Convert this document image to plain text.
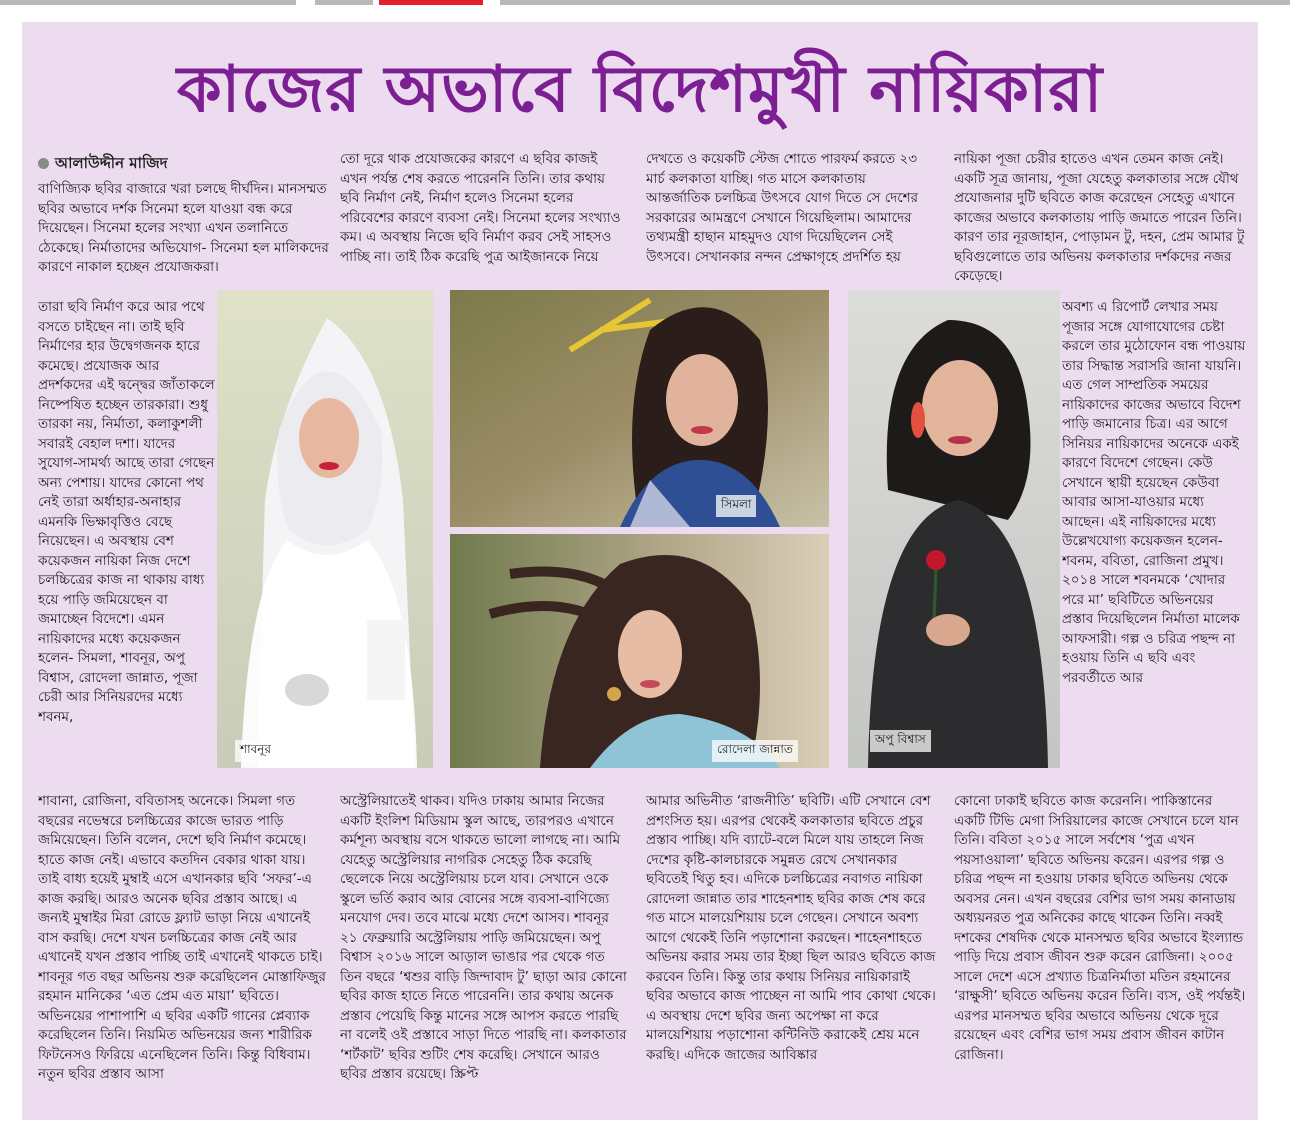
কাজের অভাবে বিদেশমুখী নায়িকারা
আলাউদ্দীন মাজিদ

বাণিজ্যিক ছবির বাজারে খরা চলছে দীর্ঘদিন। মানসম্মত ছবির অভাবে দর্শক সিনেমা হলে যাওয়া বন্ধ করে দিয়েছেন। সিনেমা হলের সংখ্যা এখন তলানিতে ঠেকেছে। নির্মাতাদের অভিযোগ- সিনেমা হল মালিকদের কারণে নাকাল হচ্ছেন প্রযোজকরা।

তারা ছবি নির্মাণ করে আর পথে বসতে চাইছেন না। তাই ছবি নির্মাণের হার উদ্বেগজনক হারে কমেছে। প্রযোজক আর প্রদর্শকদের এই দ্বন্দ্বের জাঁতাকলে নিষ্পেষিত হচ্ছেন তারকারা। শুধু তারকা নয়, নির্মাতা, কলাকুশলী সবারই বেহাল দশা। যাদের সুযোগ-সামর্থ্য আছে তারা গেছেন অন্য পেশায়। যাদের কোনো পথ নেই তারা অর্ধাহার-অনাহার এমনকি ভিক্ষাবৃত্তিও বেছে নিয়েছেন। এ অবস্থায় বেশ কয়েকজন নায়িকা নিজ দেশে চলচ্চিত্রের কাজ না থাকায় বাধ্য হয়ে পাড়ি জমিয়েছেন বা জমাচ্ছেন বিদেশে। এমন নায়িকাদের মধ্যে কয়েকজন হলেন- সিমলা, শাবনূর, অপু বিশ্বাস, রোদেলা জান্নাত, পূজা চেরী আর সিনিয়রদের মধ্যে শবনম,

শাবানা, রোজিনা, ববিতাসহ অনেকে। সিমলা গত বছরের নভেম্বরে চলচ্চিত্রের কাজে ভারত পাড়ি জমিয়েছেন। তিনি বলেন, দেশে ছবি নির্মাণ কমেছে। হাতে কাজ নেই। এভাবে কতদিন বেকার থাকা যায়। তাই বাধ্য হয়েই মুম্বাই এসে এখানকার ছবি ‘সফর’-এ কাজ করছি। আরও অনেক ছবির প্রস্তাব আছে। এ জন্যই মুম্বাইর মিরা রোডে ফ্ল্যাট ভাড়া নিয়ে এখানেই বাস করছি। দেশে যখন চলচ্চিত্রের কাজ নেই আর এখানেই যখন প্রস্তাব পাচ্ছি তাই এখানেই থাকতে চাই। শাবনূর গত বছর অভিনয় শুরু করেছিলেন মোস্তাফিজুর রহমান মানিকের ‘এত প্রেম এত মায়া’ ছবিতে। অভিনয়ের পাশাপাশি এ ছবির একটি গানের প্লেব্যাক করেছিলেন তিনি। নিয়মিত অভিনয়ের জন্য শারীরিক ফিটনেসও ফিরিয়ে এনেছিলেন তিনি। কিন্তু বিধিবাম। নতুন ছবির প্রস্তাব আসা

তো দূরে থাক প্রযোজকের কারণে এ ছবির কাজই এখন পর্যন্ত শেষ করতে পারেননি তিনি। তার কথায় ছবি নির্মাণ নেই, নির্মাণ হলেও সিনেমা হলের পরিবেশের কারণে ব্যবসা নেই। সিনেমা হলের সংখ্যাও কম। এ অবস্থায় নিজে ছবি নির্মাণ করব সেই সাহসও পাচ্ছি না। তাই ঠিক করেছি পুত্র আইজানকে নিয়ে

অস্ট্রেলিয়াতেই থাকব। যদিও ঢাকায় আমার নিজের একটি ইংলিশ মিডিয়াম স্কুল আছে, তারপরও এখানে কর্মশূন্য অবস্থায় বসে থাকতে ভালো লাগছে না। আমি যেহেতু অস্ট্রেলিয়ার নাগরিক সেহেতু ঠিক করেছি ছেলেকে নিয়ে অস্ট্রেলিয়ায় চলে যাব। সেখানে ওকে স্কুলে ভর্তি করাব আর বোনের সঙ্গে ব্যবসা-বাণিজ্যে মনযোগ দেব। তবে মাঝে মধ্যে দেশে আসব। শাবনূর ২১ ফেব্রুয়ারি অস্ট্রেলিয়ায় পাড়ি জমিয়েছেন। অপু বিশ্বাস ২০১৬ সালে আড়াল ভাঙার পর থেকে গত তিন বছরে ‘শ্বশুর বাড়ি জিন্দাবাদ টু’ ছাড়া আর কোনো ছবির কাজ হাতে নিতে পারেননি। তার কথায় অনেক প্রস্তাব পেয়েছি কিন্তু মানের সঙ্গে আপস করতে পারছি না বলেই ওই প্রস্তাবে সাড়া দিতে পারছি না। কলকাতার ‘শর্টকাট’ ছবির শুটিং শেষ করেছি। সেখানে আরও ছবির প্রস্তাব রয়েছে। স্ক্রিপ্ট

দেখতে ও কয়েকটি স্টেজ শোতে পারফর্ম করতে ২৩ মার্চ কলকাতা যাচ্ছি। গত মাসে কলকাতায় আন্তর্জাতিক চলচ্চিত্র উৎসবে যোগ দিতে সে দেশের সরকারের আমন্ত্রণে সেখানে গিয়েছিলাম। আমাদের তথ্যমন্ত্রী হাছান মাহমুদও যোগ দিয়েছিলেন সেই উৎসবে। সেখানকার নন্দন প্রেক্ষাগৃহে প্রদর্শিত হয়

আমার অভিনীত ‘রাজনীতি’ ছবিটি। এটি সেখানে বেশ প্রশংসিত হয়। এরপর থেকেই কলকাতার ছবিতে প্রচুর প্রস্তাব পাচ্ছি। যদি ব্যাটে-বলে মিলে যায় তাহলে নিজ দেশের কৃষ্টি-কালচারকে সমুন্নত রেখে সেখানকার ছবিতেই থিতু হব। এদিকে চলচ্চিত্রের নবাগত নায়িকা রোদেলা জান্নাত তার শাহেনশাহ ছবির কাজ শেষ করে গত মাসে মালয়েশিয়ায় চলে গেছেন। সেখানে অবশ্য আগে থেকেই তিনি পড়াশোনা করছেন। শাহেনশাহতে অভিনয় করার সময় তার ইচ্ছা ছিল আরও ছবিতে কাজ করবেন তিনি। কিন্তু তার কথায় সিনিয়র নায়িকারাই ছবির অভাবে কাজ পাচ্ছেন না আমি পাব কোথা থেকে। এ অবস্থায় দেশে ছবির জন্য অপেক্ষা না করে মালয়েশিয়ায় পড়াশোনা কন্টিনিউ করাকেই শ্রেয় মনে করছি। এদিকে জাজের আবিষ্কার

নায়িকা পূজা চেরীর হাতেও এখন তেমন কাজ নেই। একটি সূত্র জানায়, পূজা যেহেতু কলকাতার সঙ্গে যৌথ প্রযোজনার দুটি ছবিতে কাজ করেছেন সেহেতু এখানে কাজের অভাবে কলকাতায় পাড়ি জমাতে পারেন তিনি। কারণ তার নূরজাহান, পোড়ামন টু, দহন, প্রেম আমার টু ছবিগুলোতে তার অভিনয় কলকাতার দর্শকদের নজর কেড়েছে।

অবশ্য এ রিপোর্ট লেখার সময় পূজার সঙ্গে যোগাযোগের চেষ্টা করলে তার মুঠোফোন বন্ধ পাওয়ায় তার সিদ্ধান্ত সরাসরি জানা যায়নি। এত গেল সাম্প্রতিক সময়ের নায়িকাদের কাজের অভাবে বিদেশ পাড়ি জমানোর চিত্র। এর আগে সিনিয়র নায়িকাদের অনেকে একই কারণে বিদেশে গেছেন। কেউ সেখানে স্থায়ী হয়েছেন কেউবা আবার আসা-যাওয়ার মধ্যে আছেন। এই নায়িকাদের মধ্যে উল্লেখযোগ্য কয়েকজন হলেন- শবনম, ববিতা, রোজিনা প্রমুখ। ২০১৪ সালে শবনমকে ‘খোদার পরে মা’ ছবিটিতে অভিনয়ের প্রস্তাব দিয়েছিলেন নির্মাতা মালেক আফসারী। গল্প ও চরিত্র পছন্দ না হওয়ায় তিনি এ ছবি এবং পরবর্তীতে আর

কোনো ঢাকাই ছবিতে কাজ করেননি। পাকিস্তানের একটি টিভি মেগা সিরিয়ালের কাজে সেখানে চলে যান তিনি। ববিতা ২০১৫ সালে সর্বশেষ ‘পুত্র এখন পয়সাওয়ালা’ ছবিতে অভিনয় করেন। এরপর গল্প ও চরিত্র পছন্দ না হওয়ায় ঢাকার ছবিতে অভিনয় থেকে অবসর নেন। এখন বছরের বেশির ভাগ সময় কানাডায় অধ্যয়নরত পুত্র অনিকের কাছে থাকেন তিনি। নব্বই দশকের শেষদিক থেকে মানসম্মত ছবির অভাবে ইংল্যান্ড পাড়ি দিয়ে প্রবাস জীবন শুরু করেন রোজিনা। ২০০৫ সালে দেশে এসে প্রখ্যাত চিত্রনির্মাতা মতিন রহমানের ‘রাক্ষুসী’ ছবিতে অভিনয় করেন তিনি। ব্যস, ওই পর্যন্তই। এরপর মানসম্মত ছবির অভাবে অভিনয় থেকে দূরে রয়েছেন এবং বেশির ভাগ সময় প্রবাস জীবন কাটান রোজিনা।

শাবনূর
সিমলা
রোদেলা জান্নাত
অপু বিশ্বাস
